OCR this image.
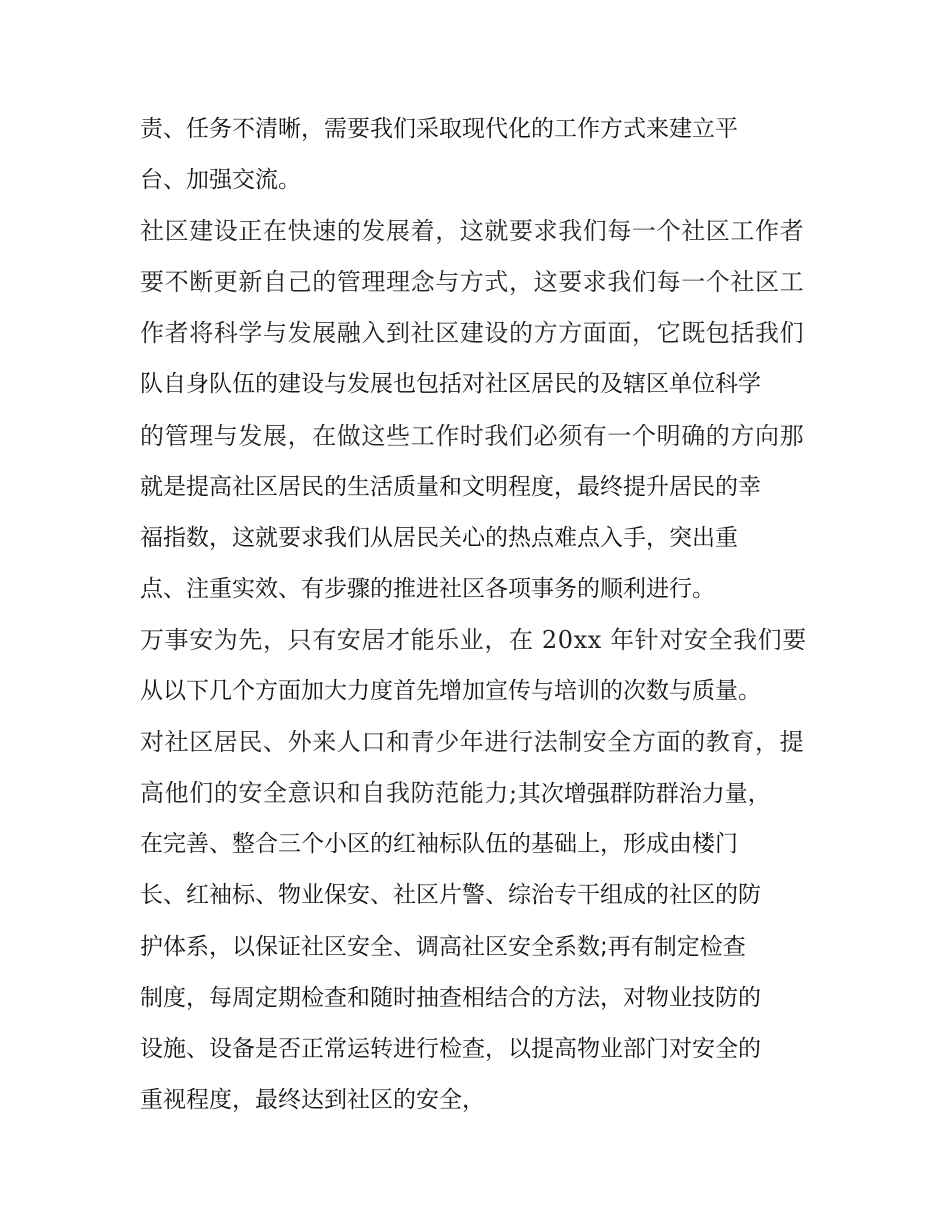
责、任务不清晰，需要我们采取现代化的工作方式来建立平
台、加强交流。
社区建设正在快速的发展着，这就要求我们每一个社区工作者
要不断更新自己的管理理念与方式，这要求我们每一个社区工
作者将科学与发展融入到社区建设的方方面面，它既包括我们
队自身队伍的建设与发展也包括对社区居民的及辖区单位科学
的管理与发展，在做这些工作时我们必须有一个明确的方向那
就是提高社区居民的生活质量和文明程度，最终提升居民的幸
福指数，这就要求我们从居民关心的热点难点入手，突出重
点、注重实效、有步骤的推进社区各项事务的顺利进行。
万事安为先，只有安居才能乐业，在 20xx 年针对安全我们要
从以下几个方面加大力度首先增加宣传与培训的次数与质量。
对社区居民、外来人口和青少年进行法制安全方面的教育，提
高他们的安全意识和自我防范能力;其次增强群防群治力量，
在完善、整合三个小区的红袖标队伍的基础上，形成由楼门
长、红袖标、物业保安、社区片警、综治专干组成的社区的防
护体系，以保证社区安全、调高社区安全系数;再有制定检查
制度，每周定期检查和随时抽查相结合的方法，对物业技防的
设施、设备是否正常运转进行检查，以提高物业部门对安全的
重视程度，最终达到社区的安全，
